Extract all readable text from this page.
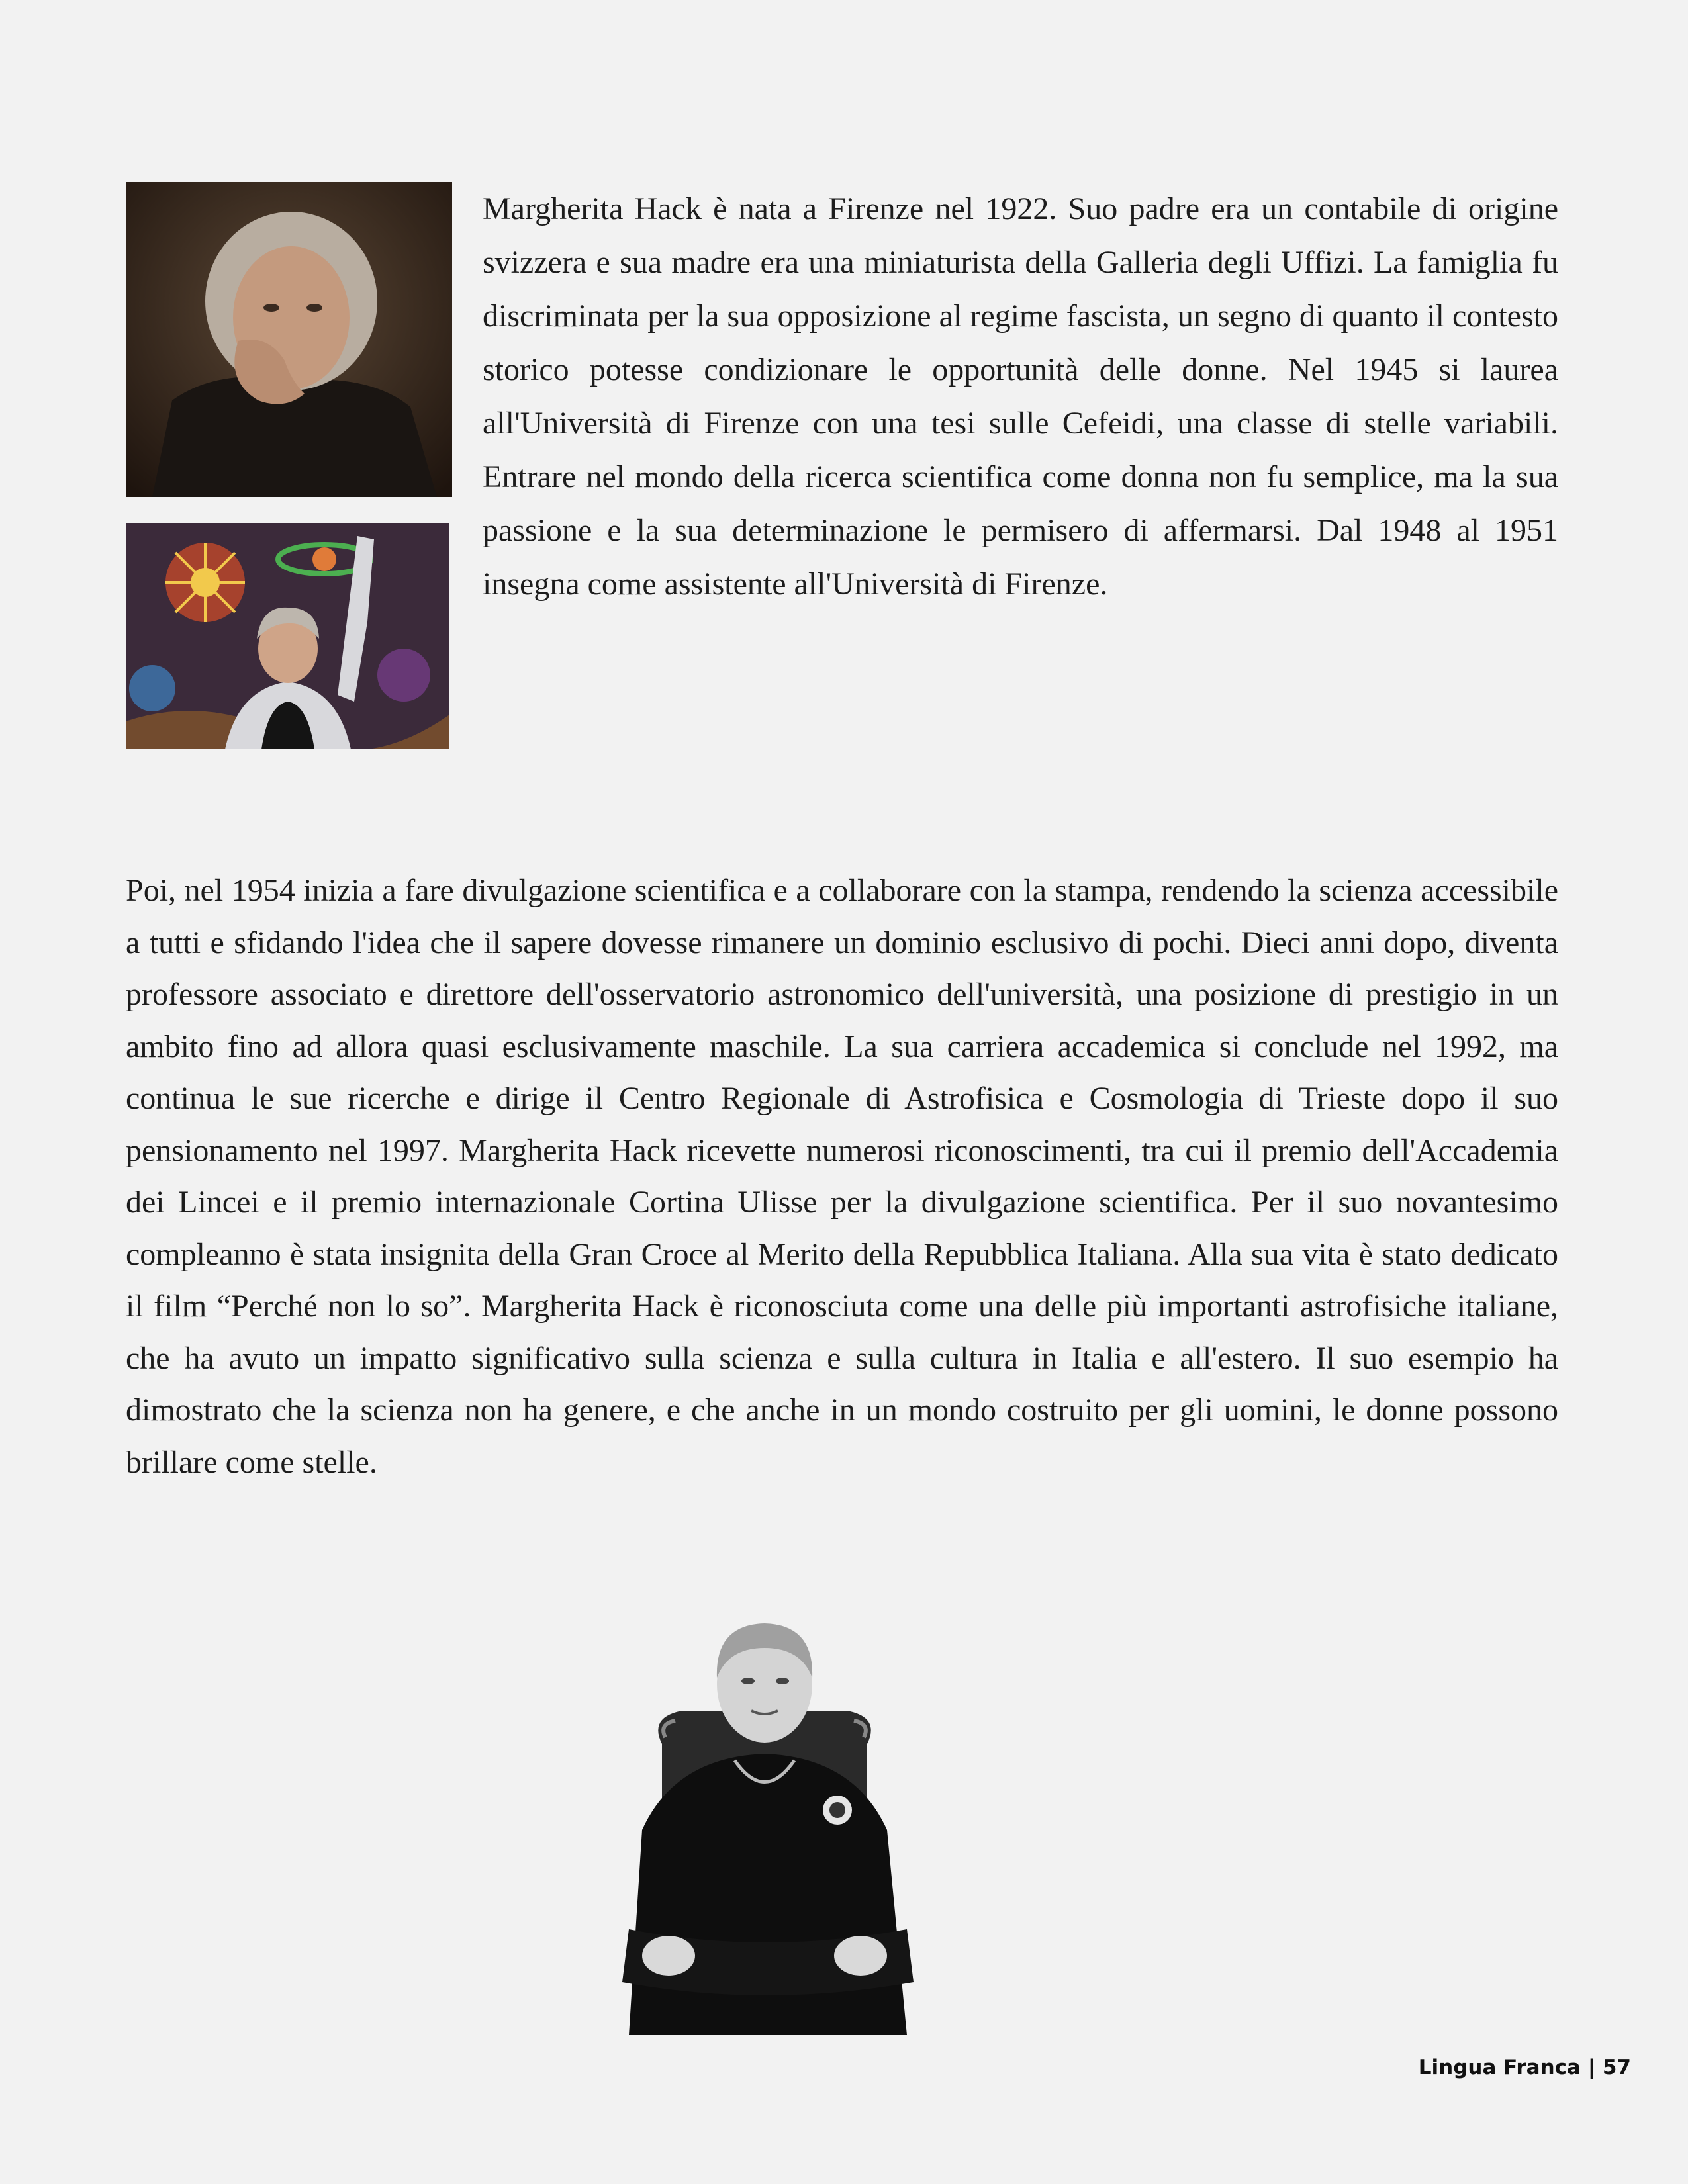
Margherita Hack è nata a Firenze nel 1922. Suo padre era un contabile di origine svizzera e sua madre era una miniaturista della Galleria degli Uffizi. La famiglia fu discriminata per la sua opposizione al regime fascista, un segno di quanto il contesto storico potesse condizionare le opportunità delle donne. Nel 1945 si laurea all'Università di Firenze con una tesi sulle Cefeidi, una classe di stelle variabili. Entrare nel mondo della ricerca scientifica come donna non fu semplice, ma la sua passione e la sua determinazione le permisero di affermarsi. Dal 1948 al 1951 insegna come assistente all'Università di Firenze.

Poi, nel 1954 inizia a fare divulgazione scientifica e a collaborare con la stampa, rendendo la scienza accessibile a tutti e sfidando l'idea che il sapere dovesse rimanere un dominio esclusivo di pochi. Dieci anni dopo, diventa professore associato e direttore dell'osservatorio astronomico dell'università, una posizione di prestigio in un ambito fino ad allora quasi esclusivamente maschile. La sua carriera accademica si conclude nel 1992, ma continua le sue ricerche e dirige il Centro Regionale di Astrofisica e Cosmologia di Trieste dopo il suo pensionamento nel 1997. Margherita Hack ricevette numerosi riconoscimenti, tra cui il premio dell'Accademia dei Lincei e il premio internazionale Cortina Ulisse per la divulgazione scientifica. Per il suo novantesimo compleanno è stata insignita della Gran Croce al Merito della Repubblica Italiana. Alla sua vita è stato dedicato il film “Perché non lo so”. Margherita Hack è riconosciuta come una delle più importanti astrofisiche italiane, che ha avuto un impatto significativo sulla scienza e sulla cultura in Italia e all'estero. Il suo esempio ha dimostrato che la scienza non ha genere, e che anche in un mondo costruito per gli uomini, le donne possono brillare come stelle.

Lingua Franca | 57
